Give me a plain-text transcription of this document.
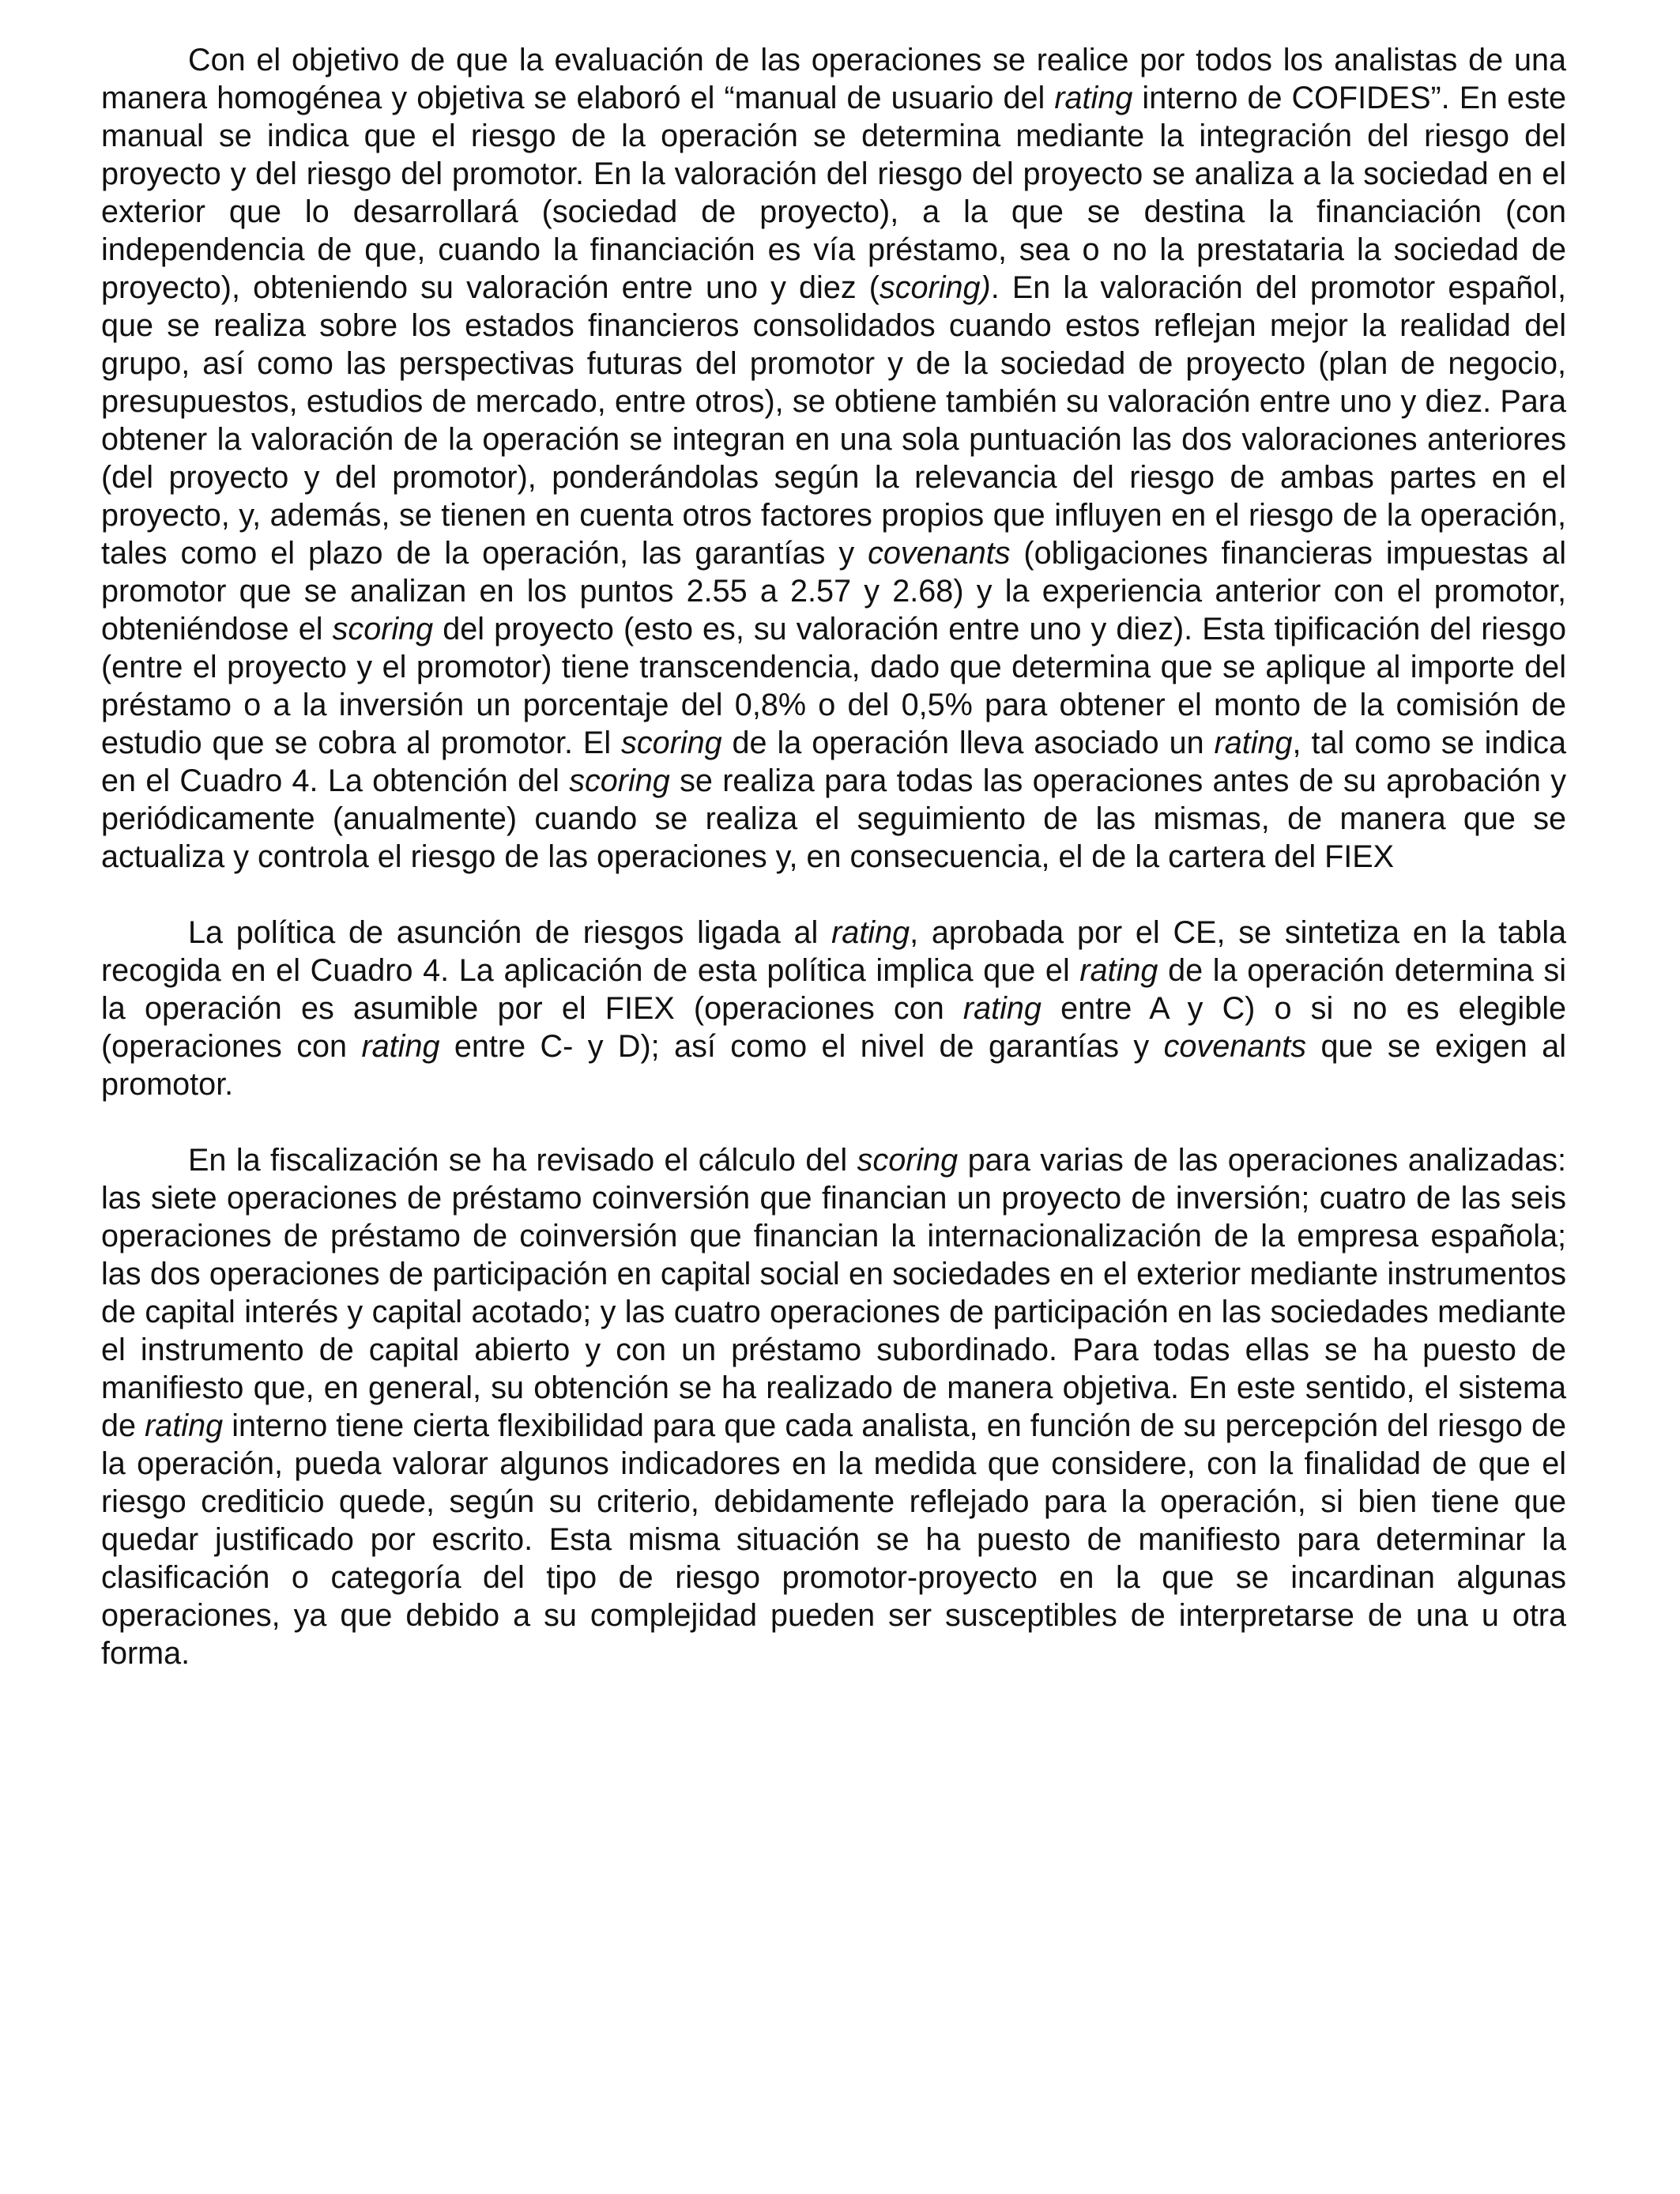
Con el objetivo de que la evaluación de las operaciones se realice por todos los analistas de una manera homogénea y objetiva se elaboró el “manual de usuario del rating interno de COFIDES”. En este manual se indica que el riesgo de la operación se determina mediante la integración del riesgo del proyecto y del riesgo del promotor. En la valoración del riesgo del proyecto se analiza a la sociedad en el exterior que lo desarrollará (sociedad de proyecto), a la que se destina la financiación (con independencia de que, cuando la financiación es vía préstamo, sea o no la prestataria la sociedad de proyecto), obteniendo su valoración entre uno y diez (scoring). En la valoración del promotor español, que se realiza sobre los estados financieros consolidados cuando estos reflejan mejor la realidad del grupo, así como las perspectivas futuras del promotor y de la sociedad de proyecto (plan de negocio, presupuestos, estudios de mercado, entre otros), se obtiene también su valoración entre uno y diez. Para obtener la valoración de la operación se integran en una sola puntuación las dos valoraciones anteriores (del proyecto y del promotor), ponderándolas según la relevancia del riesgo de ambas partes en el proyecto, y, además, se tienen en cuenta otros factores propios que influyen en el riesgo de la operación, tales como el plazo de la operación, las garantías y covenants (obligaciones financieras impuestas al promotor que se analizan en los puntos 2.55 a 2.57 y 2.68) y la experiencia anterior con el promotor, obteniéndose el scoring del proyecto (esto es, su valoración entre uno y diez). Esta tipificación del riesgo (entre el proyecto y el promotor) tiene transcendencia, dado que determina que se aplique al importe del préstamo o a la inversión un porcentaje del 0,8% o del 0,5% para obtener el monto de la comisión de estudio que se cobra al promotor. El scoring de la operación lleva asociado un rating, tal como se indica en el Cuadro 4. La obtención del scoring se realiza para todas las operaciones antes de su aprobación y periódicamente (anualmente) cuando se realiza el seguimiento de las mismas, de manera que se actualiza y controla el riesgo de las operaciones y, en consecuencia, el de la cartera del FIEX

La política de asunción de riesgos ligada al rating, aprobada por el CE, se sintetiza en la tabla recogida en el Cuadro 4. La aplicación de esta política implica que el rating de la operación determina si la operación es asumible por el FIEX (operaciones con rating entre A y C) o si no es elegible (operaciones con rating entre C- y D); así como el nivel de garantías y covenants que se exigen al promotor.

En la fiscalización se ha revisado el cálculo del scoring para varias de las operaciones analizadas: las siete operaciones de préstamo coinversión que financian un proyecto de inversión; cuatro de las seis operaciones de préstamo de coinversión que financian la internacionalización de la empresa española; las dos operaciones de participación en capital social en sociedades en el exterior mediante instrumentos de capital interés y capital acotado; y las cuatro operaciones de participación en las sociedades mediante el instrumento de capital abierto y con un préstamo subordinado. Para todas ellas se ha puesto de manifiesto que, en general, su obtención se ha realizado de manera objetiva. En este sentido, el sistema de rating interno tiene cierta flexibilidad para que cada analista, en función de su percepción del riesgo de la operación, pueda valorar algunos indicadores en la medida que considere, con la finalidad de que el riesgo crediticio quede, según su criterio, debidamente reflejado para la operación, si bien tiene que quedar justificado por escrito. Esta misma situación se ha puesto de manifiesto para determinar la clasificación o categoría del tipo de riesgo promotor-proyecto en la que se incardinan algunas operaciones, ya que debido a su complejidad pueden ser susceptibles de interpretarse de una u otra forma.
